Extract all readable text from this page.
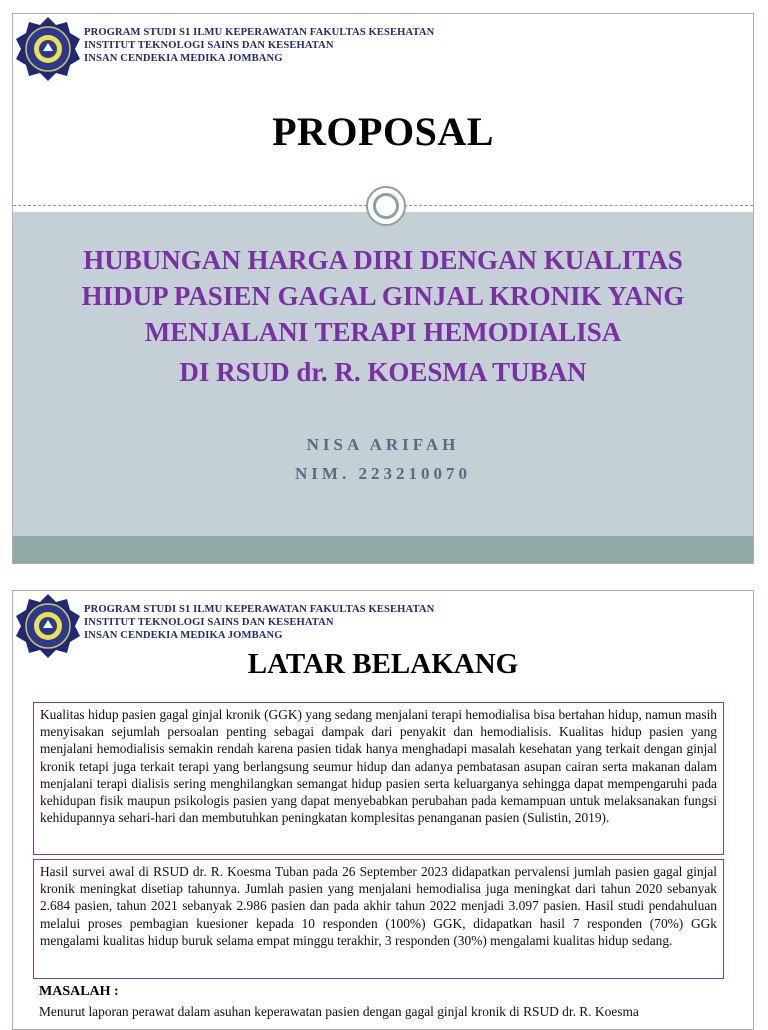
PROGRAM STUDI S1 ILMU KEPERAWATAN FAKULTAS KESEHATAN
INSTITUT TEKNOLOGI SAINS DAN KESEHATAN
INSAN CENDEKIA MEDIKA JOMBANG
PROPOSAL
HUBUNGAN HARGA DIRI DENGAN KUALITAS
HIDUP PASIEN GAGAL GINJAL KRONIK YANG
MENJALANI TERAPI HEMODIALISA
DI RSUD dr. R. KOESMA TUBAN
NISA ARIFAH
NIM. 223210070
PROGRAM STUDI S1 ILMU KEPERAWATAN FAKULTAS KESEHATAN
INSTITUT TEKNOLOGI SAINS DAN KESEHATAN
INSAN CENDEKIA MEDIKA JOMBANG
LATAR BELAKANG
Kualitas hidup pasien gagal ginjal kronik (GGK) yang sedang menjalani terapi hemodialisa bisa bertahan hidup, namun masih menyisakan sejumlah persoalan penting sebagai dampak dari penyakit dan hemodialisis. Kualitas hidup pasien yang menjalani hemodialisis semakin rendah karena pasien tidak hanya menghadapi masalah kesehatan yang terkait dengan ginjal kronik tetapi juga terkait terapi yang berlangsung seumur hidup dan adanya pembatasan asupan cairan serta makanan dalam menjalani terapi dialisis sering menghilangkan semangat hidup pasien serta keluarganya sehingga dapat mempengaruhi pada kehidupan fisik maupun psikologis pasien yang dapat menyebabkan perubahan pada kemampuan untuk melaksanakan fungsi kehidupannya sehari-hari dan membutuhkan peningkatan komplesitas penanganan pasien (Sulistin, 2019).
Hasil survei awal di RSUD dr. R. Koesma Tuban pada 26 September 2023 didapatkan pervalensi jumlah pasien gagal ginjal kronik meningkat disetiap tahunnya. Jumlah pasien yang menjalani hemodialisa juga meningkat dari tahun 2020 sebanyak 2.684 pasien, tahun 2021 sebanyak 2.986 pasien dan pada akhir tahun 2022 menjadi 3.097 pasien. Hasil studi pendahuluan melalui proses pembagian kuesioner kepada 10 responden (100%) GGK, didapatkan hasil 7 responden (70%) GGk mengalami kualitas hidup buruk selama empat minggu terakhir, 3 responden (30%) mengalami kualitas hidup sedang.
MASALAH :
Menurut laporan perawat dalam asuhan keperawatan pasien dengan gagal ginjal kronik di RSUD dr. R. Koesma
